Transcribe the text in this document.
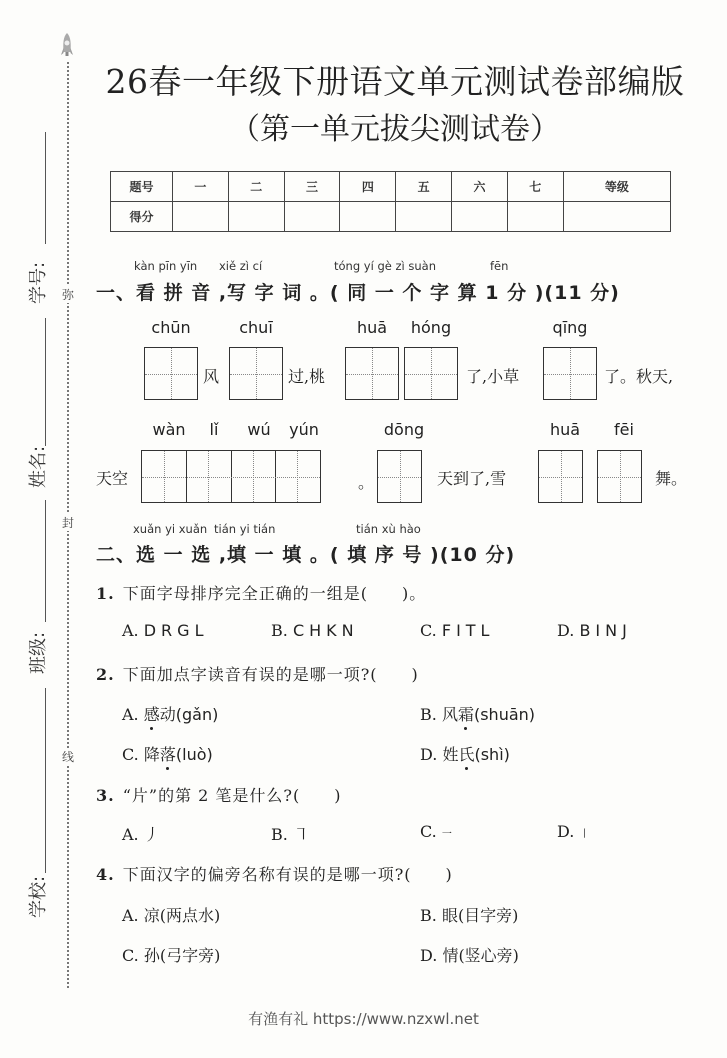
弥
封
线
学号:
姓名:
班级:
学校:
26春一年级下册语文单元测试卷部编版
（第一单元拔尖测试卷）
题号	一	二	三	四	五	六	七	等级
得分								
kàn pīn yīn xiě zì cí	tóng yí gè zì suàn	fēn
一、看 拼 音 ,写 字 词 。( 同 一 个 字 算 1 分 )(11 分)
chūn	chuī	huā	hóng	qīng
风	过,桃	了,小草	了。秋天,
wàn	lǐ	wú	yún	dōng	huā	fēi
天空	。	天到了,雪	舞。
xuǎn yi xuǎn tián yi tián	tián xù hào
二、选 一 选 ,填 一 填 。( 填 序 号 )(10 分)
1. 下面字母排序完全正确的一组是(　　)。
A. DRGL	B. CHKN	C. FITL	D. BINJ
2. 下面加点字读音有误的是哪一项?(　　)
A. 感动(gǎn)	B. 风霜(shuān)
C. 降落(luò)	D. 姓氏(shì)
3. “片”的第 2 笔是什么?(　　)
A. 丿	B. ㇕	C. 一	D. 丨
4. 下面汉字的偏旁名称有误的是哪一项?(　　)
A. 凉(两点水)	B. 眼(目字旁)
C. 孙(弓字旁)	D. 情(竖心旁)
有渔有礼 https://www.nzxwl.net
